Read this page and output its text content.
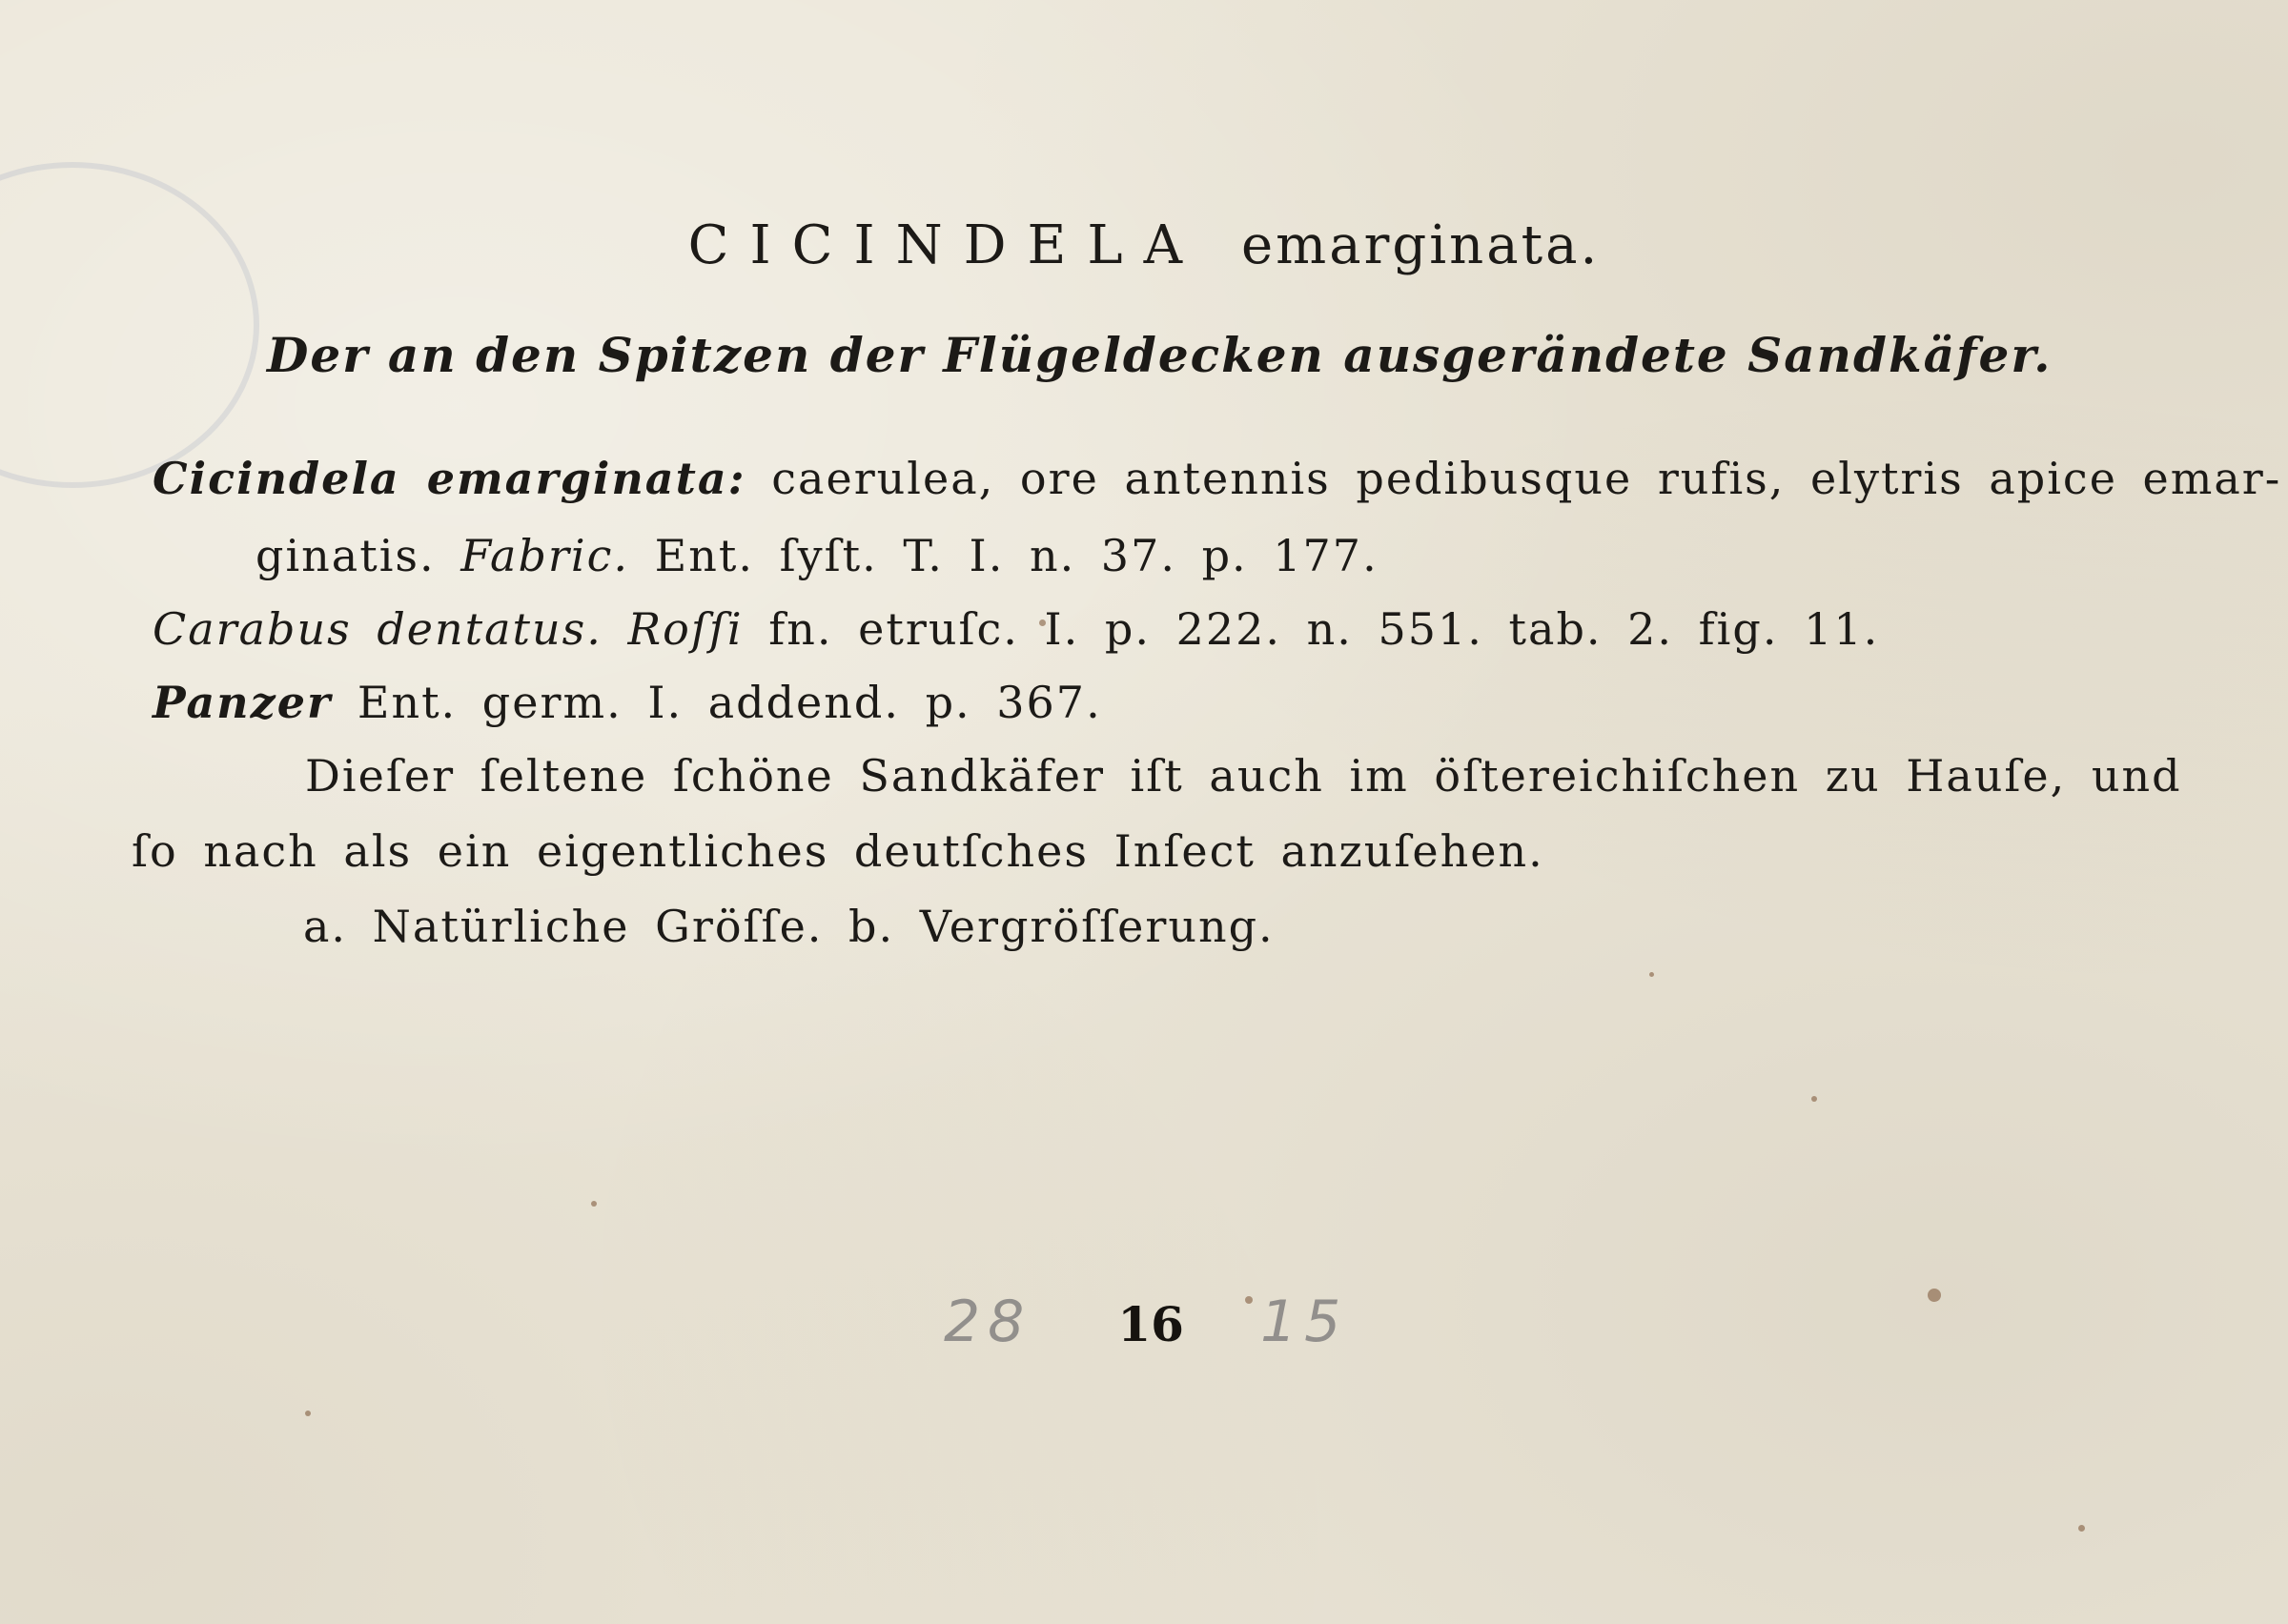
CICINDELA emarginata.
Der an den Spitzen der Flügeldecken ausgerändete Sandkäfer.
Cicindela emarginata: caerulea, ore antennis pedibusque rufis, elytris apice emar-
ginatis. Fabric. Ent. ſyſt. T. I. n. 37. p. 177.
Carabus dentatus. Roſſi fn. etruſc. I. p. 222. n. 551. tab. 2. fig. 11.
Panzer Ent. germ. I. addend. p. 367.
Dieſer ſeltene ſchöne Sandkäfer iſt auch im öſtereichiſchen zu Hauſe, und
ſo nach als ein eigentliches deutſches Inſect anzuſehen.
a. Natürliche Gröſſe. b. Vergröſſerung.
28 16 15
